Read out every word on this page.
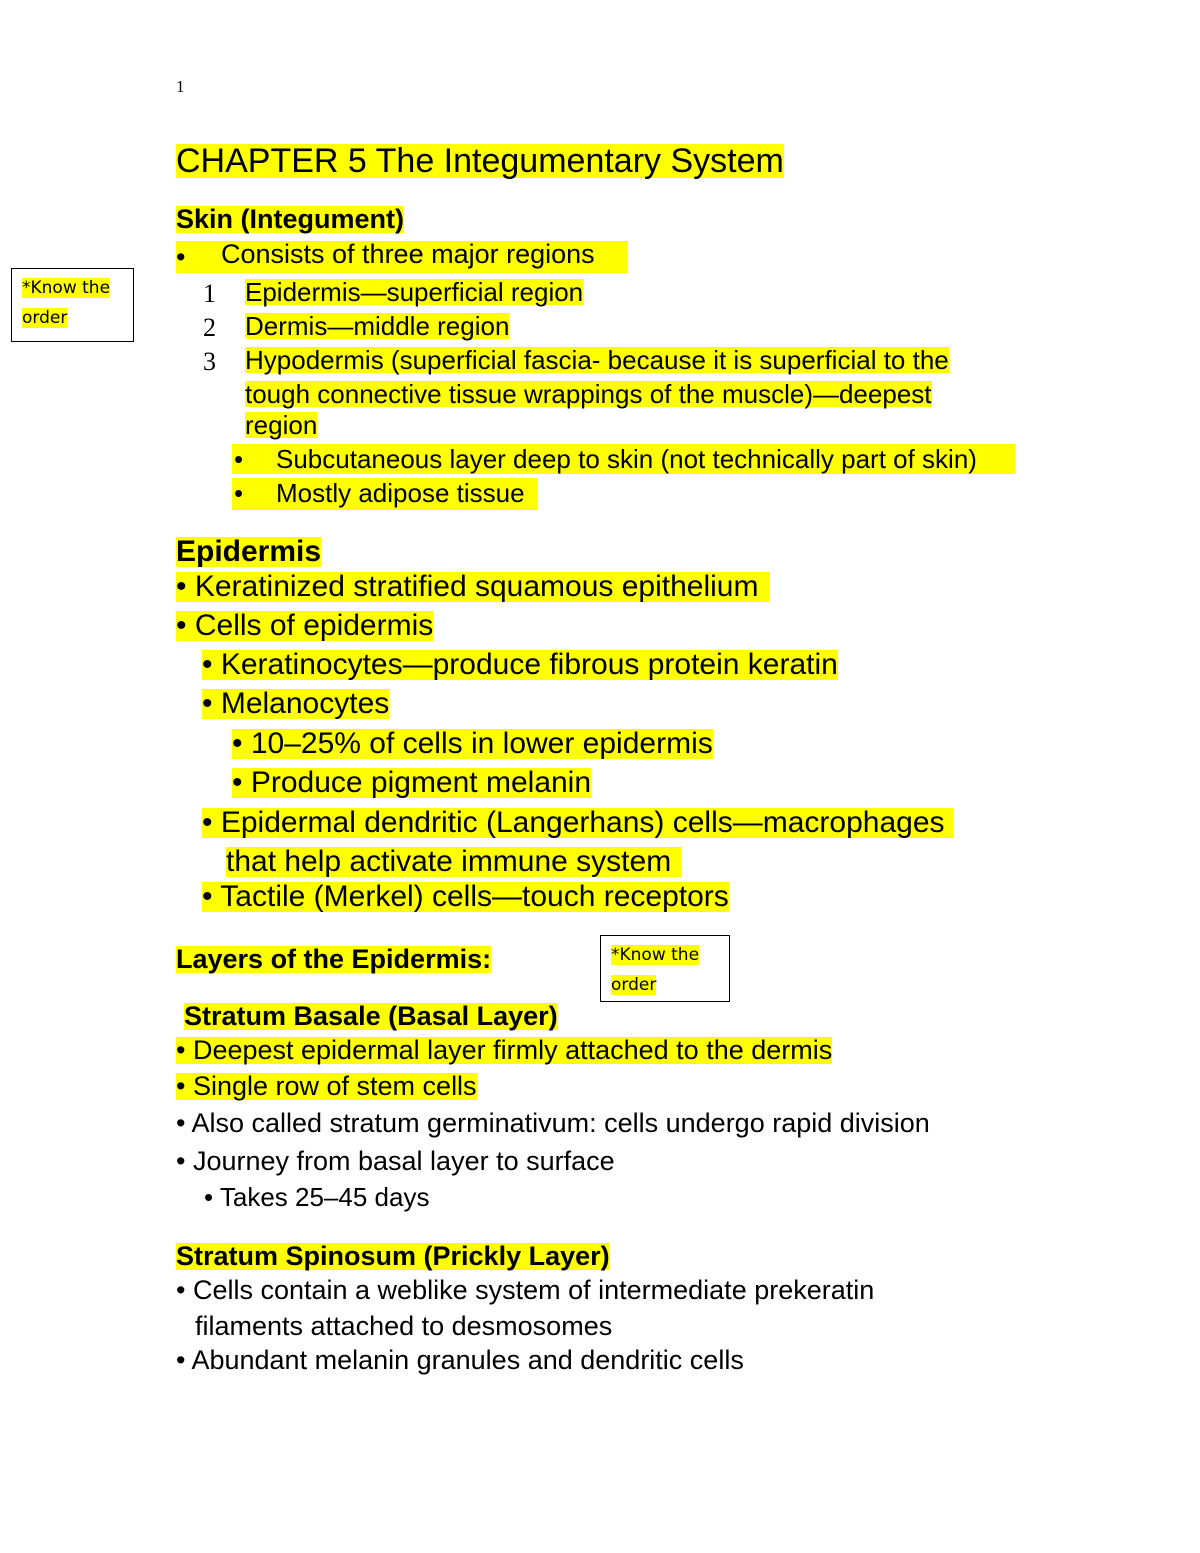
1
CHAPTER 5 The Integumentary System
*Know the order
Skin (Integument)
• Consists of three major regions
1 Epidermis—superficial region
2 Dermis—middle region
3 Hypodermis (superficial fascia- because it is superficial to the
tough connective tissue wrappings of the muscle)—deepest
region
• Subcutaneous layer deep to skin (not technically part of skin)
• Mostly adipose tissue
Epidermis
• Keratinized stratified squamous epithelium
• Cells of epidermis
• Keratinocytes—produce fibrous protein keratin
• Melanocytes
• 10–25% of cells in lower epidermis
• Produce pigment melanin
• Epidermal dendritic (Langerhans) cells—macrophages
that help activate immune system
• Tactile (Merkel) cells—touch receptors
Layers of the Epidermis:	*Know the order
Stratum Basale (Basal Layer)
• Deepest epidermal layer firmly attached to the dermis
• Single row of stem cells
• Also called stratum germinativum: cells undergo rapid division
• Journey from basal layer to surface
• Takes 25–45 days
Stratum Spinosum (Prickly Layer)
• Cells contain a weblike system of intermediate prekeratin
filaments attached to desmosomes
• Abundant melanin granules and dendritic cells
